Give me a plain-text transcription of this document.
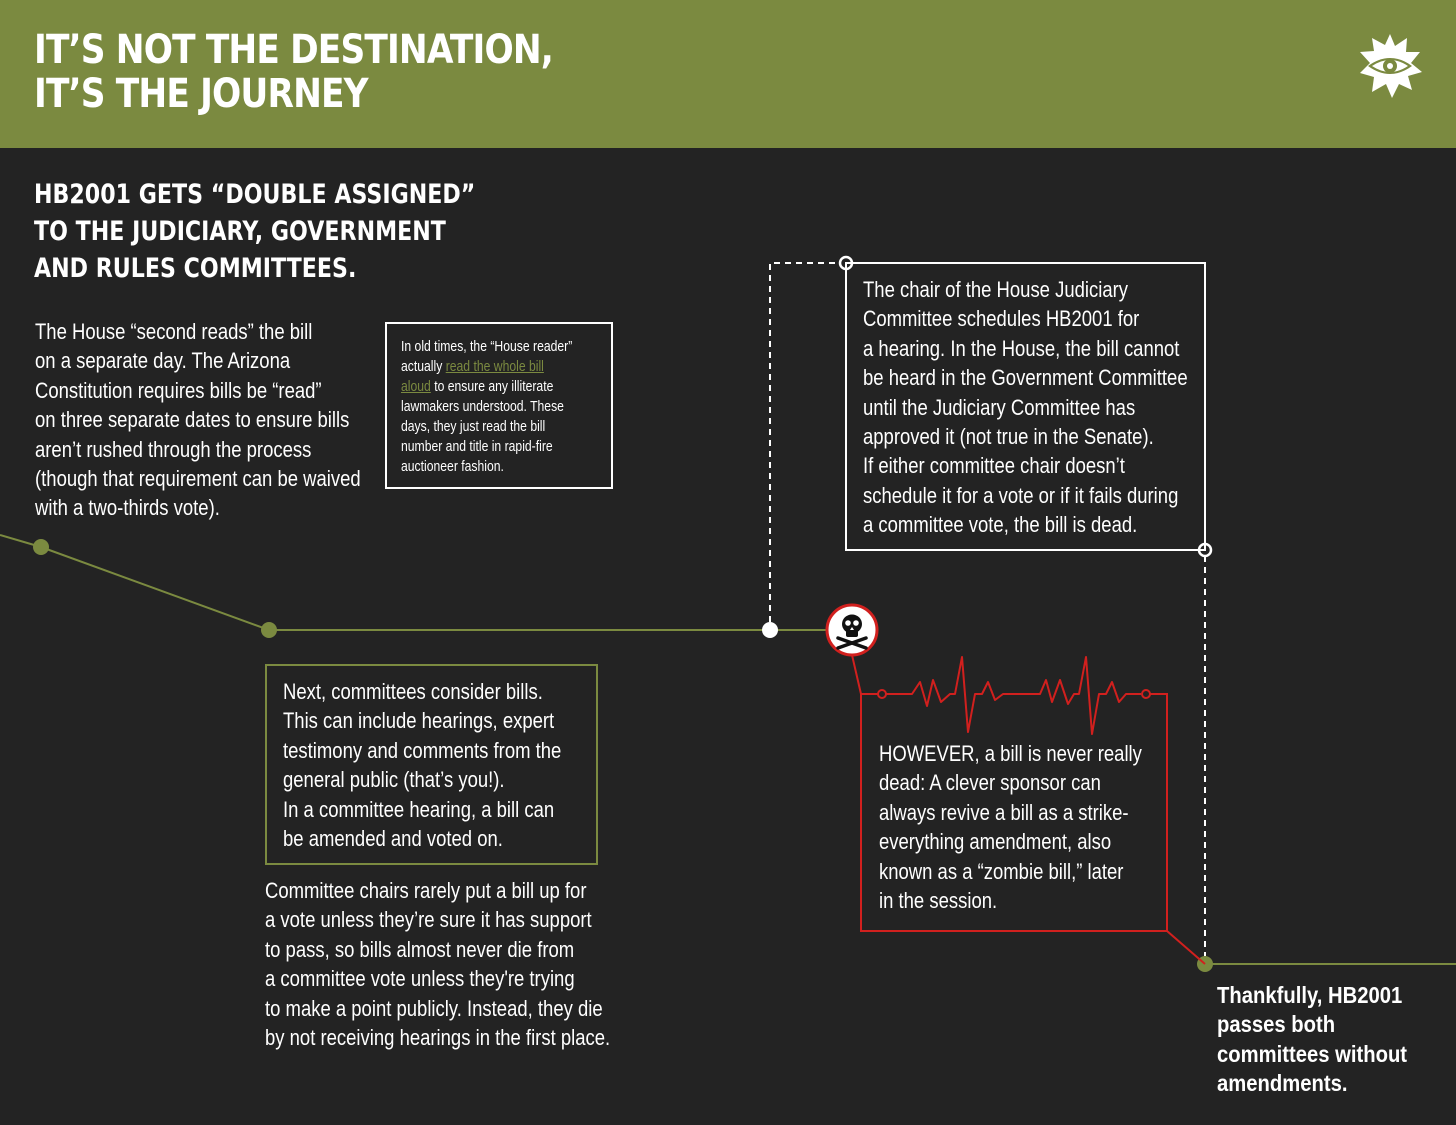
IT’S NOT THE DESTINATION,
IT’S THE JOURNEY
HB2001 GETS “DOUBLE ASSIGNED”
TO THE JUDICIARY, GOVERNMENT
AND RULES COMMITTEES.
The House “second reads” the bill
on a separate day. The Arizona
Constitution requires bills be “read”
on three separate dates to ensure bills
aren’t rushed through the process
(though that requirement can be waived
with a two-thirds vote).
In old times, the “House reader”
actually read the whole bill
aloud to ensure any illiterate
lawmakers understood. These
days, they just read the bill
number and title in rapid-fire
auctioneer fashion.
The chair of the House Judiciary
Committee schedules HB2001 for
a hearing. In the House, the bill cannot
be heard in the Government Committee
until the Judiciary Committee has
approved it (not true in the Senate).
If either committee chair doesn’t
schedule it for a vote or if it fails during
a committee vote, the bill is dead.
Next, committees consider bills.
This can include hearings, expert
testimony and comments from the
general public (that’s you!).
In a committee hearing, a bill can
be amended and voted on.
Committee chairs rarely put a bill up for
a vote unless they’re sure it has support
to pass, so bills almost never die from
a committee vote unless they're trying
to make a point publicly. Instead, they die
by not receiving hearings in the first place.
HOWEVER, a bill is never really
dead: A clever sponsor can
always revive a bill as a strike-
everything amendment, also
known as a “zombie bill,” later
in the session.
Thankfully, HB2001
passes both
committees without
amendments.
